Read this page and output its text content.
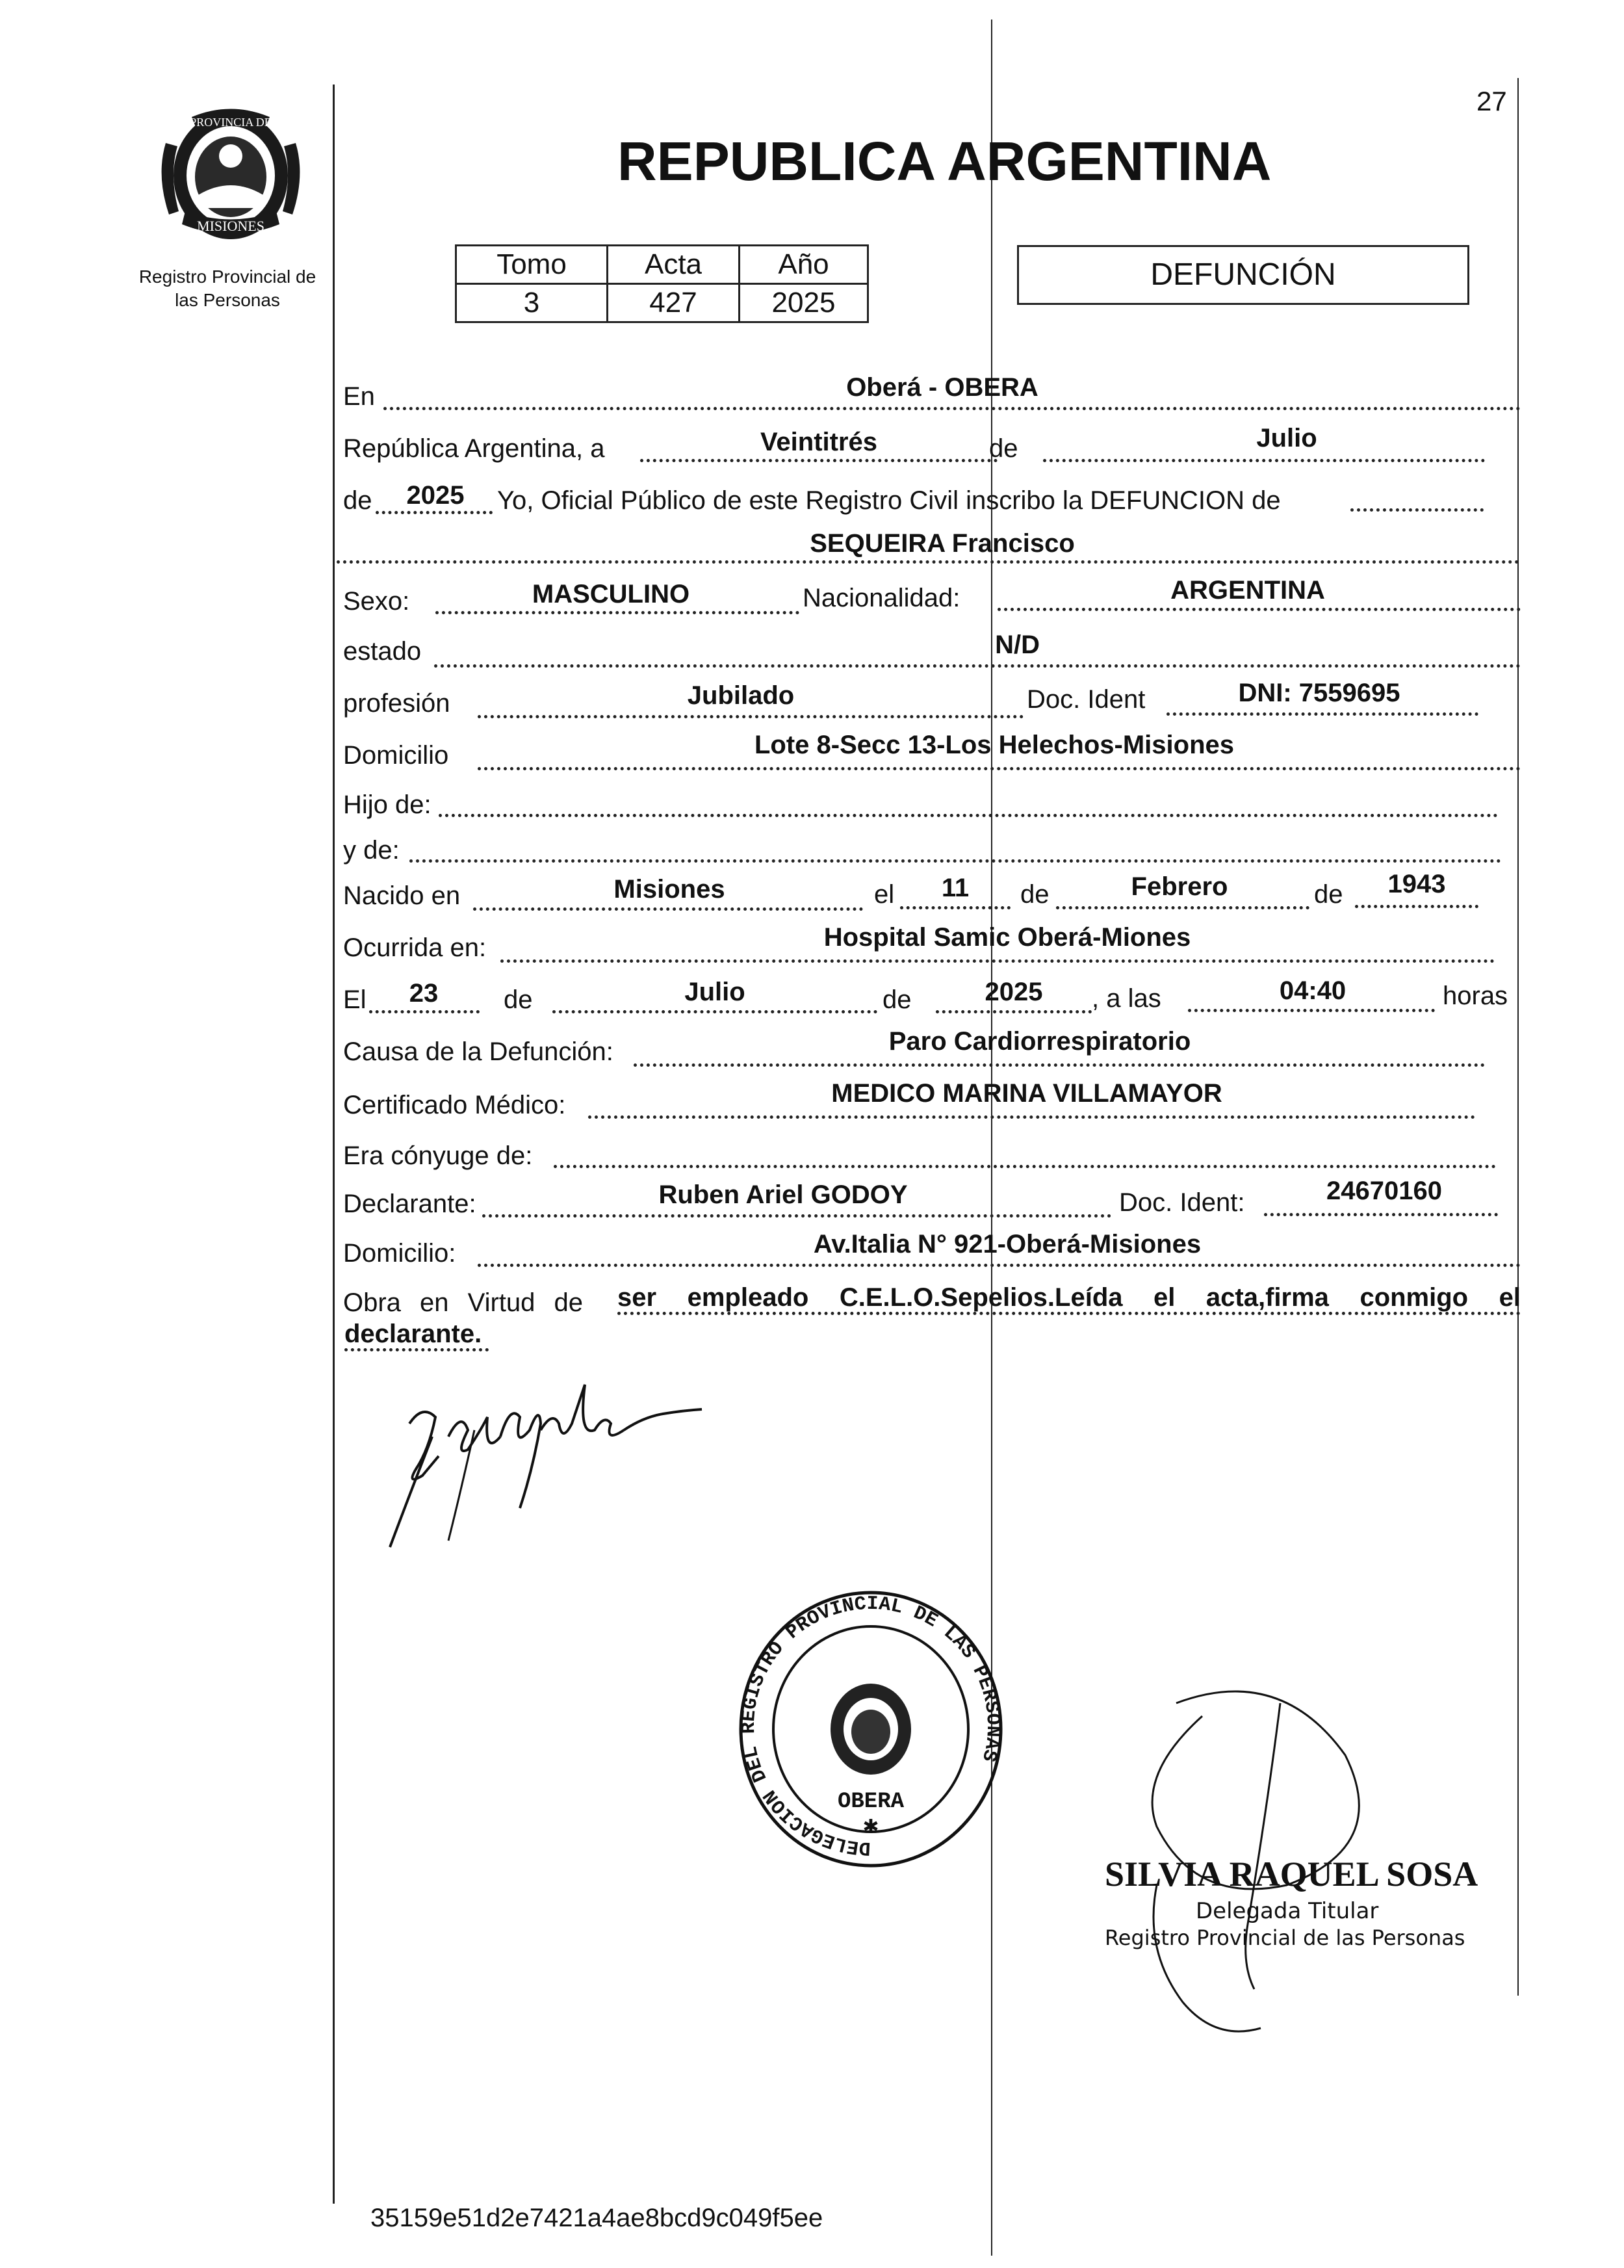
27
PROVINCIA DE
MISIONES
Registro Provincial de
las Personas
REPUBLICA ARGENTINA
Tomo	Acta	Año
3	427	2025
DEFUNCIÓN
En	Oberá - OBERA
República Argentina, a	Veintitrés	de	Julio
de	2025	Yo, Oficial Público de este Registro Civil inscribo la DEFUNCION de
SEQUEIRA Francisco
Sexo:	MASCULINO	Nacionalidad:	ARGENTINA
estado	N/D
profesión	Jubilado	Doc. Ident	DNI: 7559695
Domicilio	Lote 8-Secc 13-Los Helechos-Misiones
Hijo de:
y de:
Nacido en	Misiones	el	11	de	Febrero	de	1943
Ocurrida en:	Hospital Samic Oberá-Miones
El	23	de	Julio	de	2025	, a las	04:40	horas
Causa de la Defunción:	Paro Cardiorrespiratorio
Certificado Médico:	MEDICO MARINA VILLAMAYOR
Era cónyuge de:
Declarante:	Ruben Ariel GODOY	Doc. Ident:	24670160
Domicilio:	Av.Italia N° 921-Oberá-Misiones
Obra en Virtud de ser empleado C.E.L.O.Sepelios.Leída el acta,firma conmigo el
declarante.
DELEGACION DEL REGISTRO PROVINCIAL DE LAS PERSONAS
OBERA
✱
SILVIA RAQUEL SOSA
Delegada Titular
Registro Provincial de las Personas
35159e51d2e7421a4ae8bcd9c049f5ee
